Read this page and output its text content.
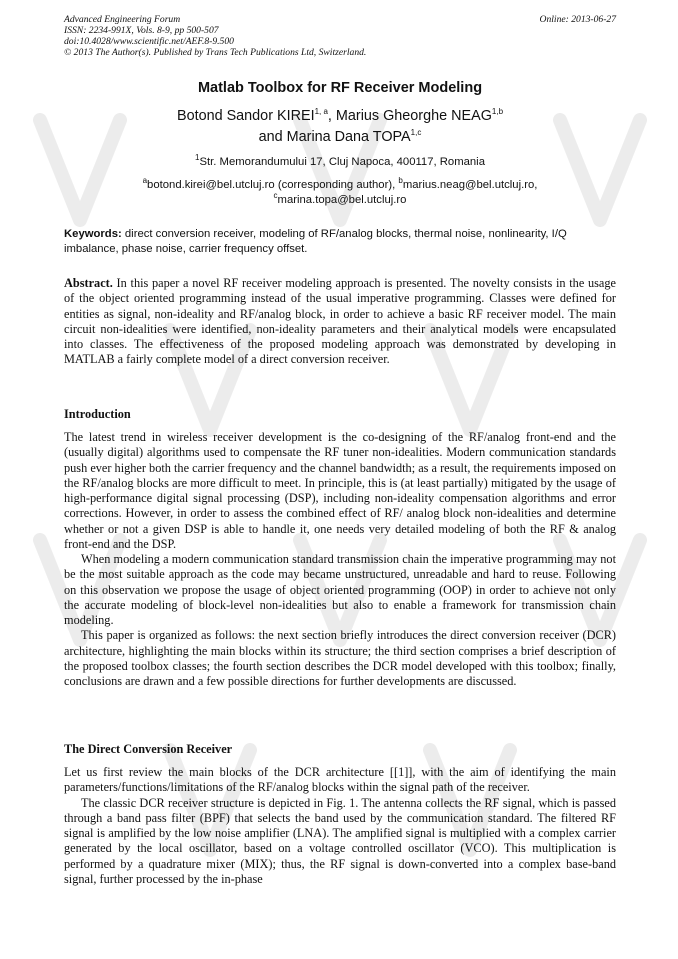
Advanced Engineering Forum
ISSN: 2234-991X, Vols. 8-9, pp 500-507
doi:10.4028/www.scientific.net/AEF.8-9.500
© 2013 The Author(s). Published by Trans Tech Publications Ltd, Switzerland.
Online: 2013-06-27
Matlab Toolbox for RF Receiver Modeling
Botond Sandor KIREI$^{1, a}$, Marius Gheorghe NEAG$^{1,b}$
and Marina Dana TOPA$^{1,c}$
$^1$Str. Memorandumului 17, Cluj Napoca, 400117, Romania
$^a$botond.kirei@bel.utcluj.ro (corresponding author), $^b$marius.neag@bel.utcluj.ro,
$^c$marina.topa@bel.utcluj.ro
Keywords: direct conversion receiver, modeling of RF/analog blocks, thermal noise, nonlinearity, I/Q imbalance, phase noise, carrier frequency offset.
Abstract. In this paper a novel RF receiver modeling approach is presented. The novelty consists in the usage of the object oriented programming instead of the usual imperative programming. Classes were defined for entities as signal, non-ideality and RF/analog block, in order to achieve a basic RF receiver model. The main circuit non-idealities were identified, non-ideality parameters and their analytical models were encapsulated into classes. The effectiveness of the proposed modeling approach was demonstrated by developing in MATLAB a fairly complete model of a direct conversion receiver.
Introduction

The latest trend in wireless receiver development is the co-designing of the RF/analog front-end and the (usually digital) algorithms used to compensate the RF tuner non-idealities. Modern communication standards push ever higher both the carrier frequency and the channel bandwidth; as a result, the requirements imposed on the RF/analog blocks are more difficult to meet. In principle, this is (at least partially) mitigated by the usage of high-performance digital signal processing (DSP), including non-ideality compensation algorithms and error corrections. However, in order to assess the combined effect of RF/ analog block non-idealities and determine whether or not a given DSP is able to handle it, one needs very detailed modeling of both the RF & analog front-end and the DSP.

When modeling a modern communication standard transmission chain the imperative programming may not be the most suitable approach as the code may became unstructured, unreadable and hard to reuse. Following on this observation we propose the usage of object oriented programming (OOP) in order to achieve not only the accurate modeling of block-level non-idealities but also to enable a framework for transmission chain modeling.

This paper is organized as follows: the next section briefly introduces the direct conversion receiver (DCR) architecture, highlighting the main blocks within its structure; the third section comprises a brief description of the proposed toolbox classes; the fourth section describes the DCR model developed with this toolbox; finally, conclusions are drawn and a few possible directions for further developments are discussed.

The Direct Conversion Receiver

Let us first review the main blocks of the DCR architecture [[1]], with the aim of identifying the main parameters/functions/limitations of the RF/analog blocks within the signal path of the receiver.

The classic DCR receiver structure is depicted in Fig. 1. The antenna collects the RF signal, which is passed through a band pass filter (BPF) that selects the band used by the communication standard. The filtered RF signal is amplified by the low noise amplifier (LNA). The amplified signal is multiplied with a complex carrier generated by the local oscillator, based on a voltage controlled oscillator (VCO). This multiplication is performed by a quadrature mixer (MIX); thus, the RF signal is down-converted into a complex base-band signal, further processed by the in-phase
